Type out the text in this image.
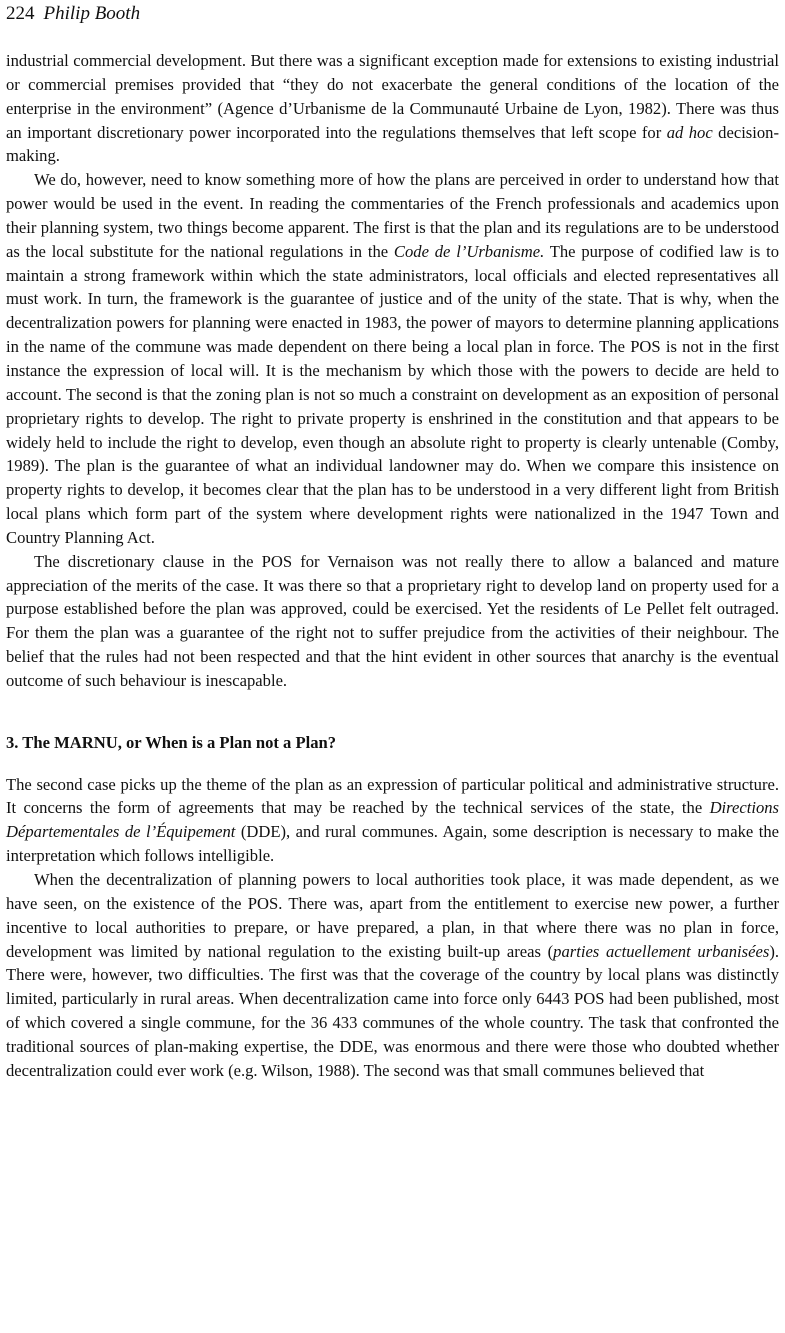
224 Philip Booth

industrial commercial development. But there was a significant exception made for extensions to existing industrial or commercial premises provided that “they do not exacerbate the general conditions of the location of the enterprise in the environment” (Agence d’Urbanisme de la Communauté Urbaine de Lyon, 1982). There was thus an important discretionary power incorporated into the regulations themselves that left scope for ad hoc decision-making.

We do, however, need to know something more of how the plans are perceived in order to understand how that power would be used in the event. In reading the commentaries of the French professionals and academics upon their planning system, two things become apparent. The first is that the plan and its regulations are to be understood as the local substitute for the national regulations in the Code de l’Urbanisme. The purpose of codified law is to maintain a strong framework within which the state administrators, local officials and elected representatives all must work. In turn, the framework is the guarantee of justice and of the unity of the state. That is why, when the decentralization powers for planning were enacted in 1983, the power of mayors to determine planning applications in the name of the commune was made dependent on there being a local plan in force. The POS is not in the first instance the expression of local will. It is the mechanism by which those with the powers to decide are held to account. The second is that the zoning plan is not so much a constraint on development as an exposition of personal proprietary rights to develop. The right to private property is enshrined in the constitution and that appears to be widely held to include the right to develop, even though an absolute right to property is clearly untenable (Comby, 1989). The plan is the guarantee of what an individual landowner may do. When we compare this insistence on property rights to develop, it becomes clear that the plan has to be understood in a very different light from British local plans which form part of the system where development rights were nationalized in the 1947 Town and Country Planning Act.

The discretionary clause in the POS for Vernaison was not really there to allow a balanced and mature appreciation of the merits of the case. It was there so that a proprietary right to develop land on property used for a purpose established before the plan was approved, could be exercised. Yet the residents of Le Pellet felt outraged. For them the plan was a guarantee of the right not to suffer prejudice from the activities of their neighbour. The belief that the rules had not been respected and that the hint evident in other sources that anarchy is the eventual outcome of such behaviour is inescapable.

3. The MARNU, or When is a Plan not a Plan?

The second case picks up the theme of the plan as an expression of particular political and administrative structure. It concerns the form of agreements that may be reached by the technical services of the state, the Directions Départementales de l’Équipement (DDE), and rural communes. Again, some description is necessary to make the interpretation which follows intelligible.

When the decentralization of planning powers to local authorities took place, it was made dependent, as we have seen, on the existence of the POS. There was, apart from the entitlement to exercise new power, a further incentive to local authorities to prepare, or have prepared, a plan, in that where there was no plan in force, development was limited by national regulation to the existing built-up areas (parties actuellement urbanisées). There were, however, two difficulties. The first was that the coverage of the country by local plans was distinctly limited, particularly in rural areas. When decentralization came into force only 6443 POS had been published, most of which covered a single commune, for the 36 433 communes of the whole country. The task that confronted the traditional sources of plan-making expertise, the DDE, was enormous and there were those who doubted whether decentralization could ever work (e.g. Wilson, 1988). The second was that small communes believed that
